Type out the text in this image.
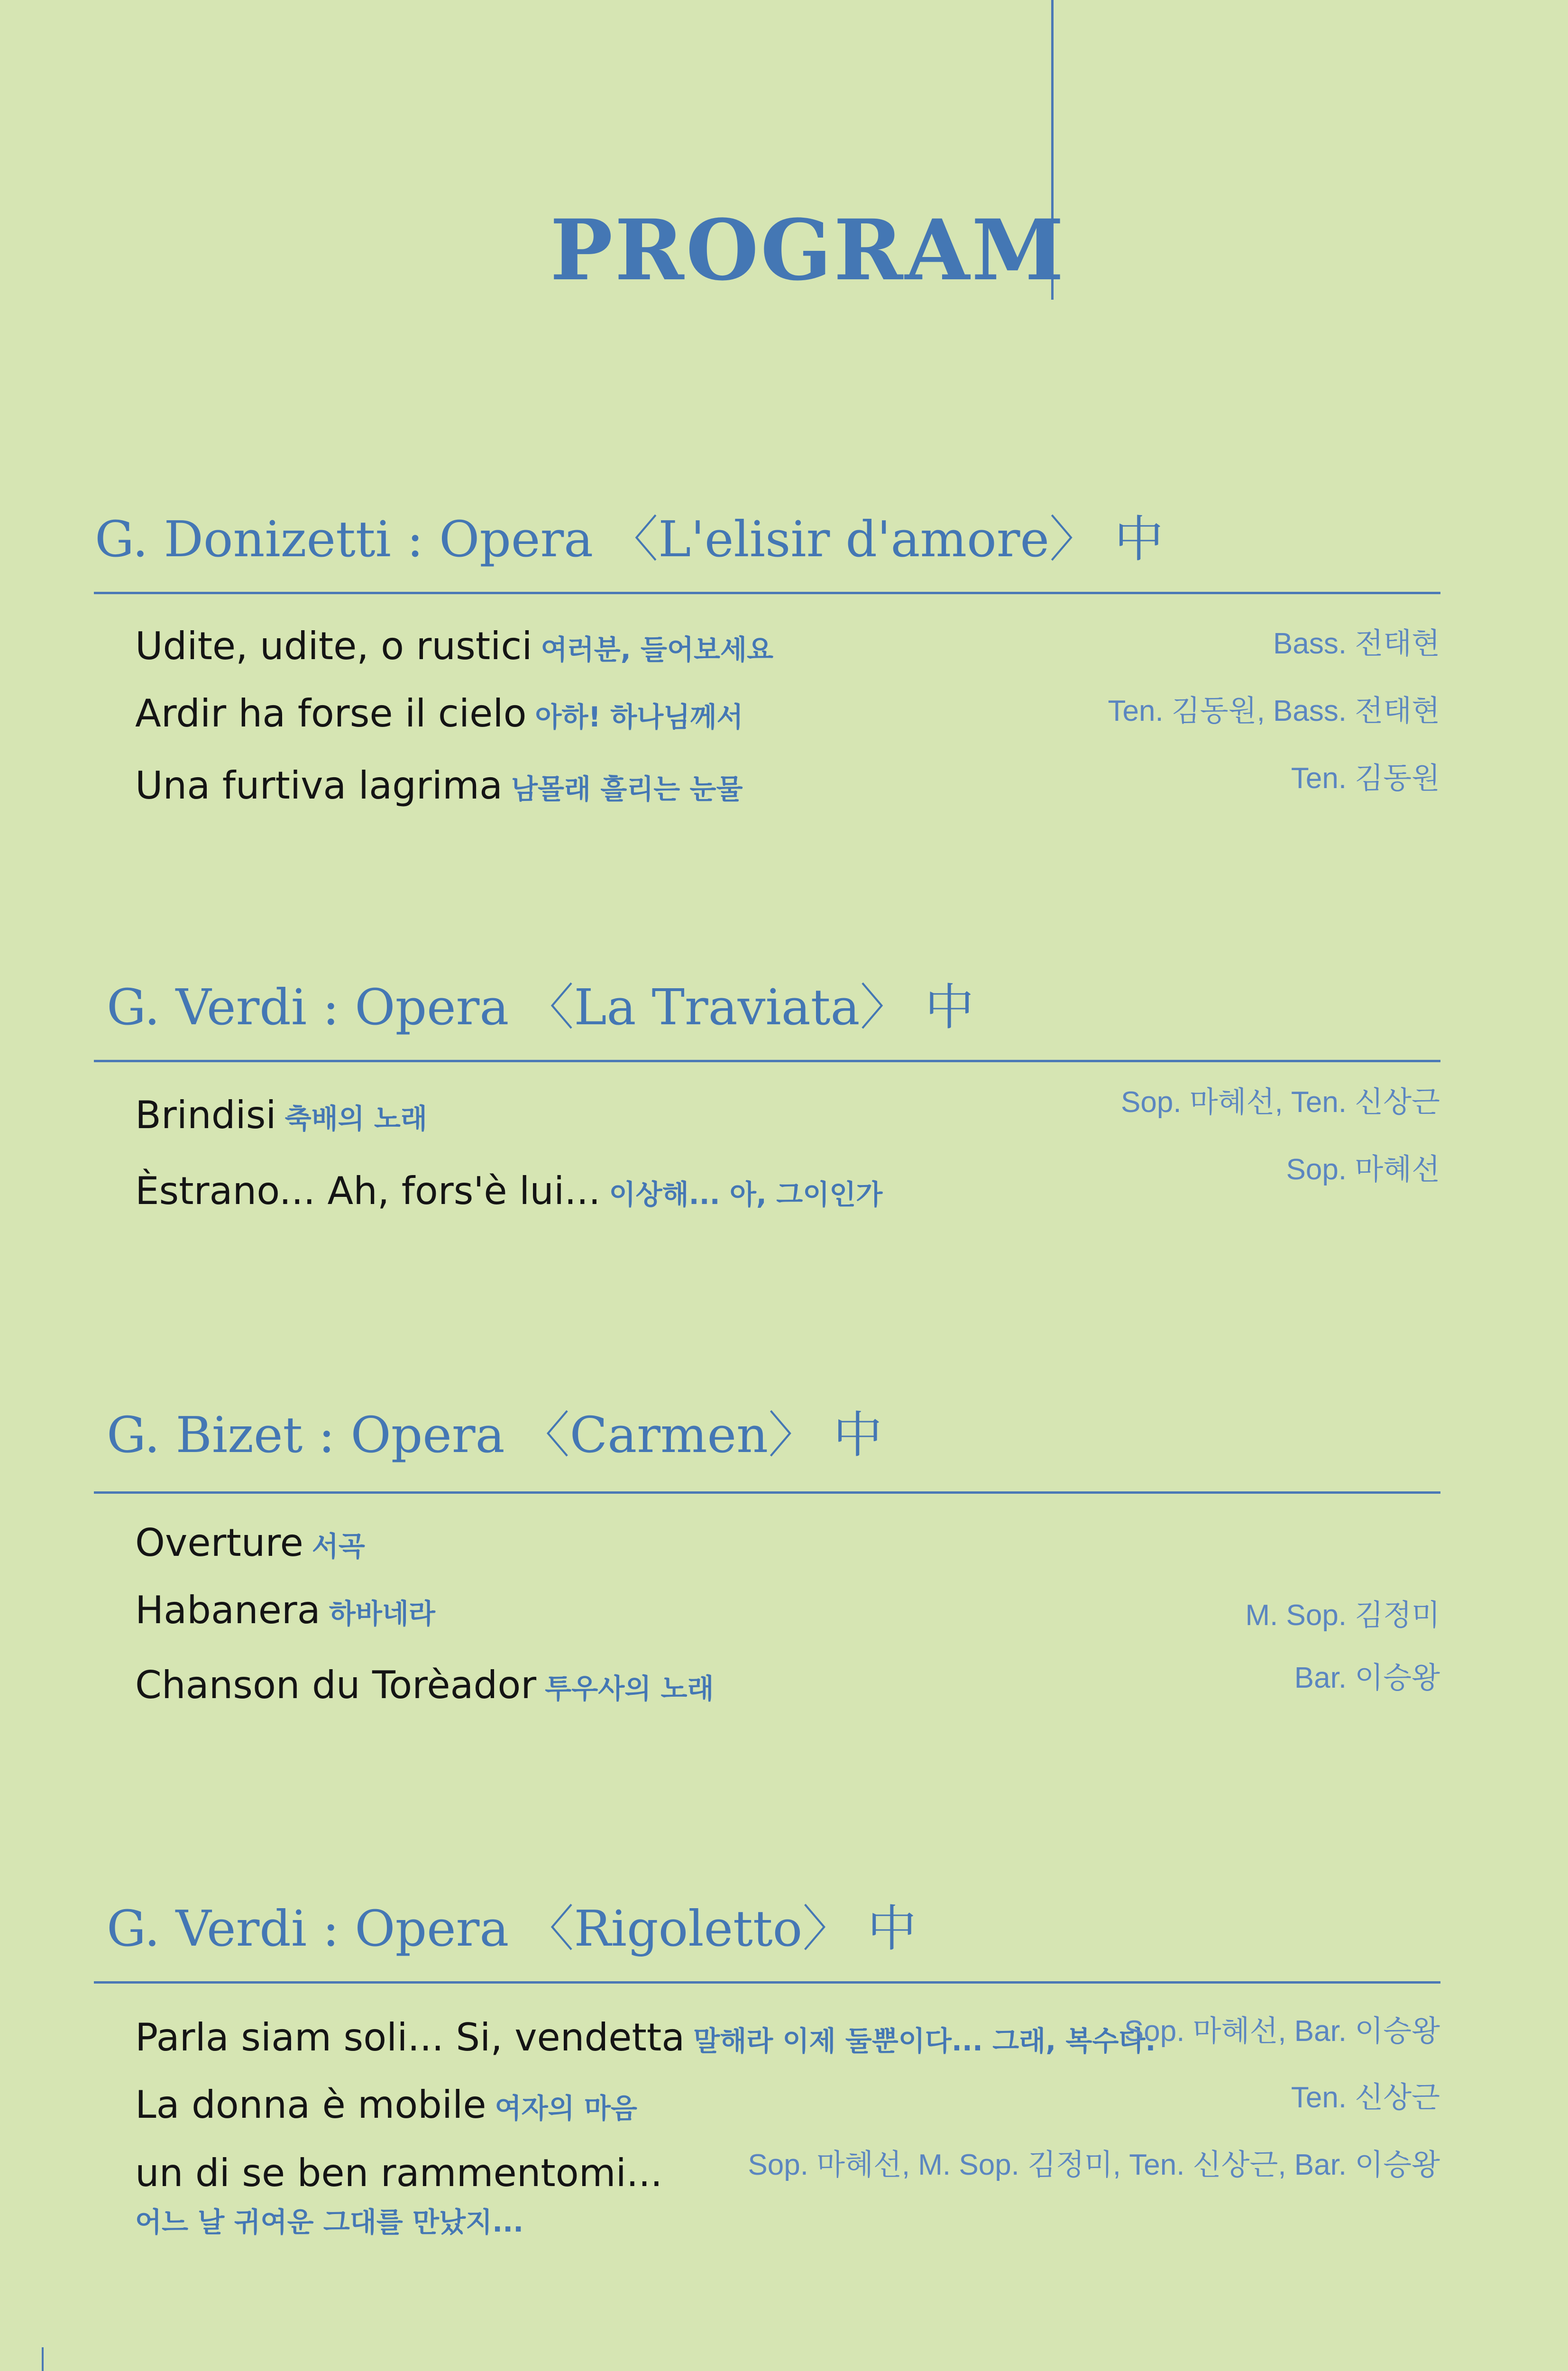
PROGRAM
G. Donizetti : Opera 〈L'elisir d'amore〉 中
Udite, udite, o rustici 여러분, 들어보세요
Ardir ha forse il cielo 아하! 하나님께서
Una furtiva lagrima 남몰래 흘리는 눈물
Bass. 전태현
Ten. 김동원, Bass. 전태현
Ten. 김동원
G. Verdi : Opera 〈La Traviata〉 中
Brindisi 축배의 노래
Èstrano... Ah, fors'è lui... 이상해... 아, 그이인가
Sop. 마혜선, Ten. 신상근
Sop. 마혜선
G. Bizet : Opera 〈Carmen〉 中
Overture 서곡
Habanera 하바네라
Chanson du Torèador 투우사의 노래
M. Sop. 김정미
Bar. 이승왕
G. Verdi : Opera 〈Rigoletto〉 中
Parla siam soli... Si, vendetta 말해라 이제 둘뿐이다... 그래, 복수다.
La donna è mobile 여자의 마음
un di se ben rammentomi...
어느 날 귀여운 그대를 만났지...
Sop. 마혜선, Bar. 이승왕
Ten. 신상근
Sop. 마혜선, M. Sop. 김정미, Ten. 신상근, Bar. 이승왕
